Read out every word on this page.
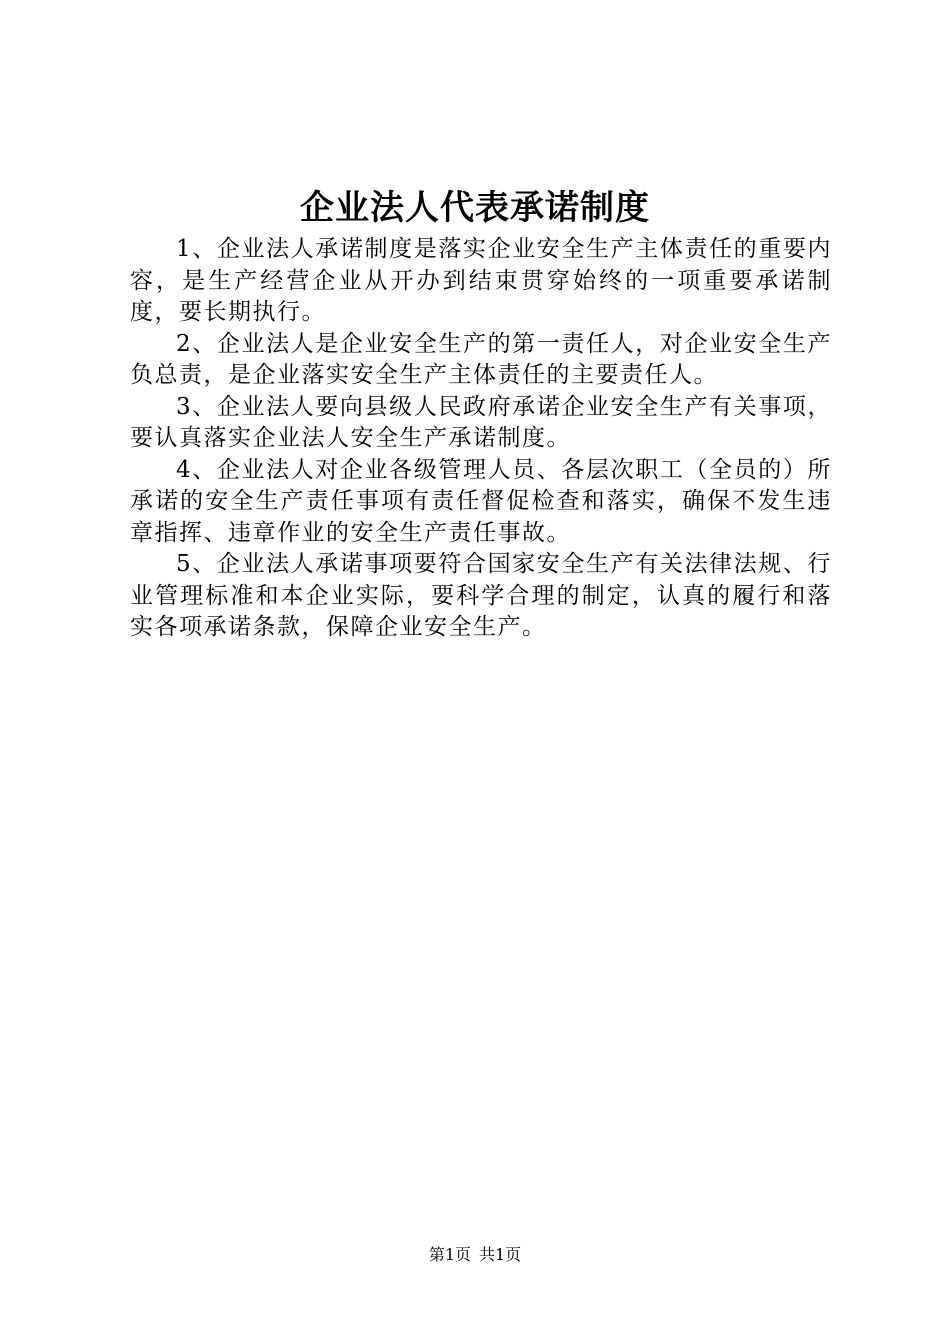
企业法人代表承诺制度

1、企业法人承诺制度是落实企业安全生产主体责任的重要内容，是生产经营企业从开办到结束贯穿始终的一项重要承诺制度，要长期执行。

2、企业法人是企业安全生产的第一责任人，对企业安全生产负总责，是企业落实安全生产主体责任的主要责任人。

3、企业法人要向县级人民政府承诺企业安全生产有关事项，要认真落实企业法人安全生产承诺制度。

4、企业法人对企业各级管理人员、各层次职工（全员的）所承诺的安全生产责任事项有责任督促检查和落实，确保不发生违章指挥、违章作业的安全生产责任事故。

5、企业法人承诺事项要符合国家安全生产有关法律法规、行业管理标准和本企业实际，要科学合理的制定，认真的履行和落实各项承诺条款，保障企业安全生产。

第1页 共1页
